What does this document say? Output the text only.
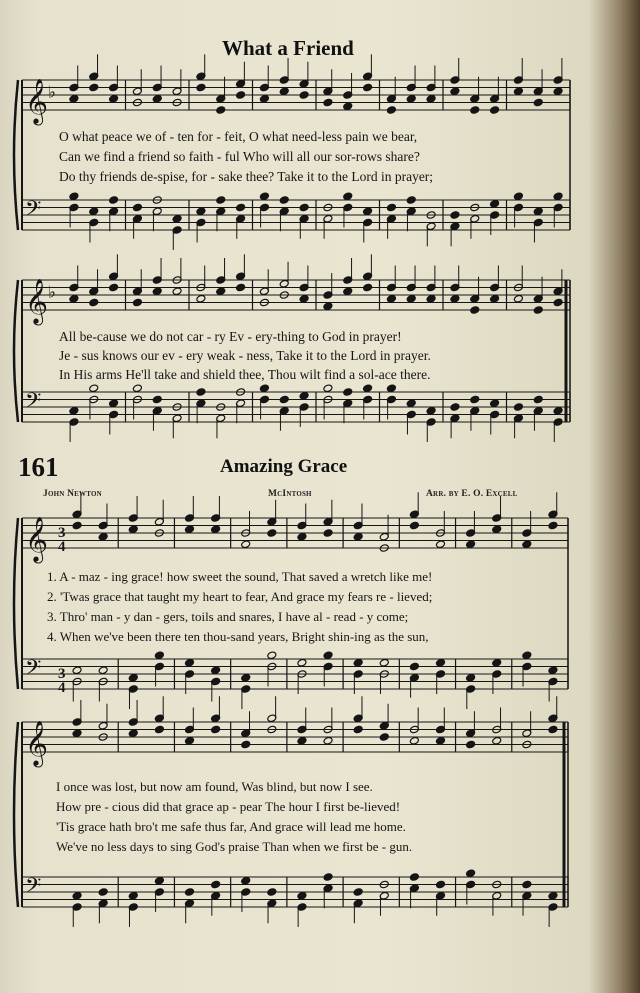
What a Friend
O what peace we of - ten for - feit, O what need-less pain we bear,
Can we find a friend so faith - ful Who will all our sor-rows share?
Do thy friends de-spise, for - sake thee? Take it to the Lord in prayer;
All be-cause we do not car - ry Ev - ery-thing to God in prayer!
Je - sus knows our ev - ery weak - ness, Take it to the Lord in prayer.
In His arms He'll take and shield thee, Thou wilt find a sol-ace there.
161	Amazing Grace
John Newton	McIntosh	Arr. by E. O. Excell
1. A - maz - ing grace! how sweet the sound, That saved a wretch like me!
2. 'Twas grace that taught my heart to fear, And grace my fears re - lieved;
3. Thro' man - y dan - gers, toils and snares, I have al - read - y come;
4. When we've been there ten thou-sand years, Bright shin-ing as the sun,
I once was lost, but now am found, Was blind, but now I see.
How pre - cious did that grace ap - pear The hour I first be-lieved!
'Tis grace hath bro't me safe thus far, And grace will lead me home.
We've no less days to sing God's praise Than when we first be - gun.
𝄞
𝄢
♭
𝄞
𝄢
♭
𝄞
𝄢
𝄞
𝄢
3
4
3
4
